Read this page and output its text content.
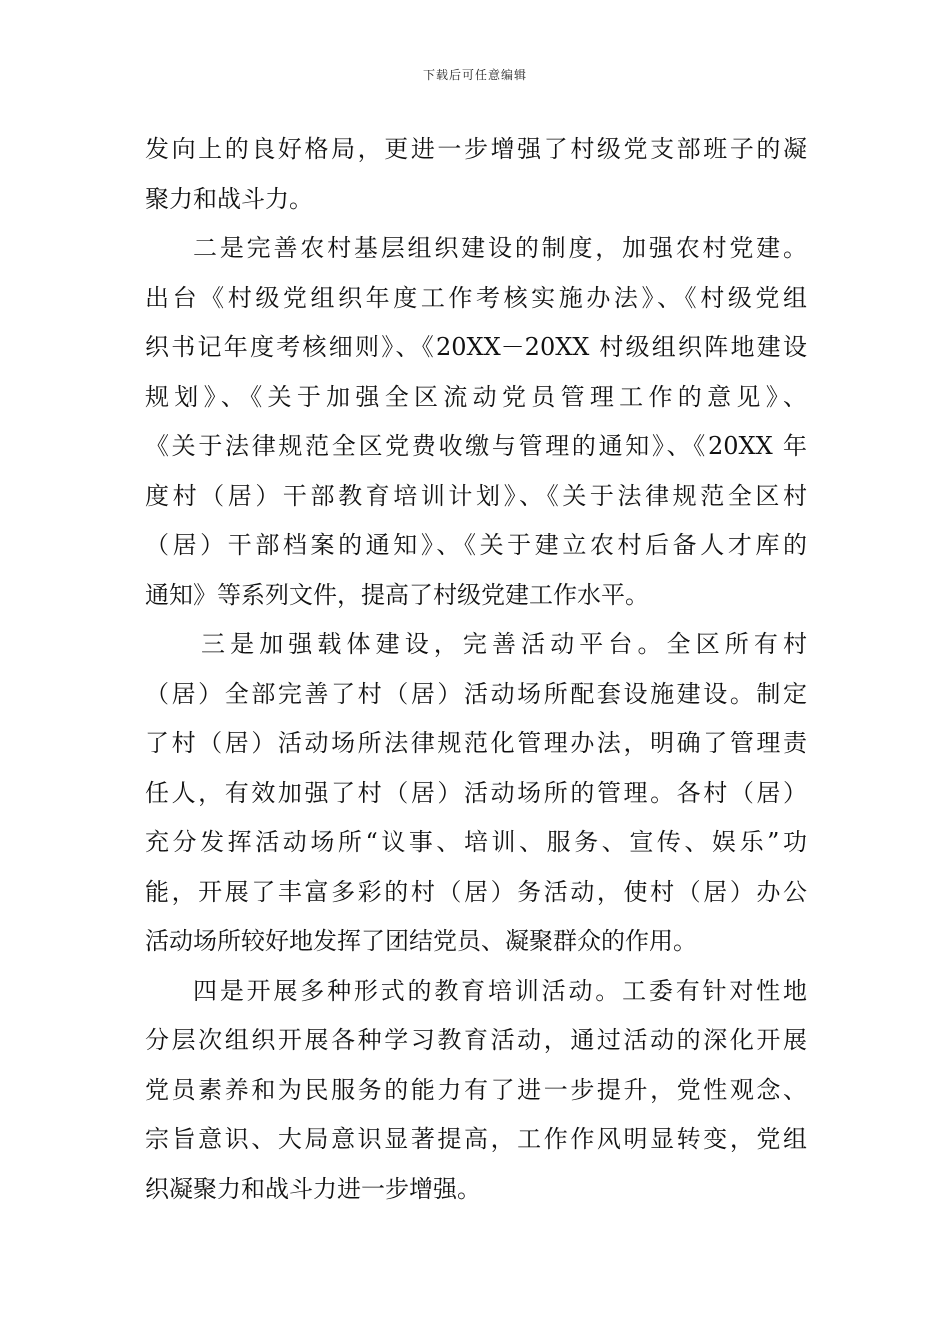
下载后可任意编辑
发向上的良好格局，更进一步增强了村级党支部班子的凝
聚力和战斗力。
二是完善农村基层组织建设的制度，加强农村党建。
出台《村级党组织年度工作考核实施办法》、《村级党组
织书记年度考核细则》、《20XX－20XX 村级组织阵地建设
规划》、《关于加强全区流动党员管理工作的意见》、
《关于法律规范全区党费收缴与管理的通知》、《20XX 年
度村（居）干部教育培训计划》、《关于法律规范全区村
（居）干部档案的通知》、《关于建立农村后备人才库的
通知》等系列文件，提高了村级党建工作水平。
三是加强载体建设，完善活动平台。全区所有村
（居）全部完善了村（居）活动场所配套设施建设。制定
了村（居）活动场所法律规范化管理办法，明确了管理责
任人，有效加强了村（居）活动场所的管理。各村（居）
充分发挥活动场所“议事、培训、服务、宣传、娱乐”功
能，开展了丰富多彩的村（居）务活动，使村（居）办公
活动场所较好地发挥了团结党员、凝聚群众的作用。
四是开展多种形式的教育培训活动。工委有针对性地
分层次组织开展各种学习教育活动，通过活动的深化开展
党员素养和为民服务的能力有了进一步提升，党性观念、
宗旨意识、大局意识显著提高，工作作风明显转变，党组
织凝聚力和战斗力进一步增强。
